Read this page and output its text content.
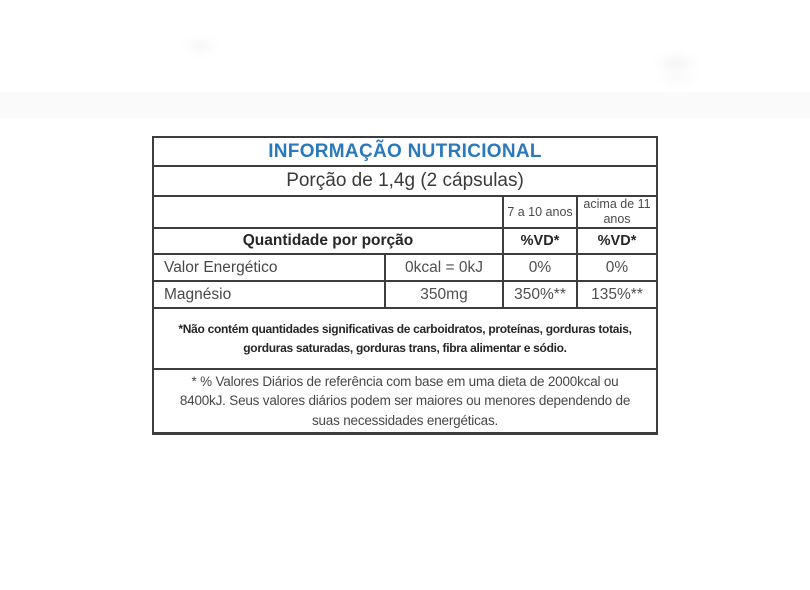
INFORMAÇÃO NUTRICIONAL			
Porção de 1,4g (2 cápsulas)			
		7 a 10 anos	acima de 11
anos

Quantidade por porção		%VD*	%VD*
Valor Energético	0kcal = 0kJ	0%	0%
Magnésio	350mg	350%**	135%**

*Não contém quantidades significativas de carboidratos, proteínas, gorduras totais,
gorduras saturadas, gorduras trans, fibra alimentar e sódio.			

* % Valores Diários de referência com base em uma dieta de 2000kcal ou
8400kJ. Seus valores diários podem ser maiores ou menores dependendo de
suas necessidades energéticas.			
